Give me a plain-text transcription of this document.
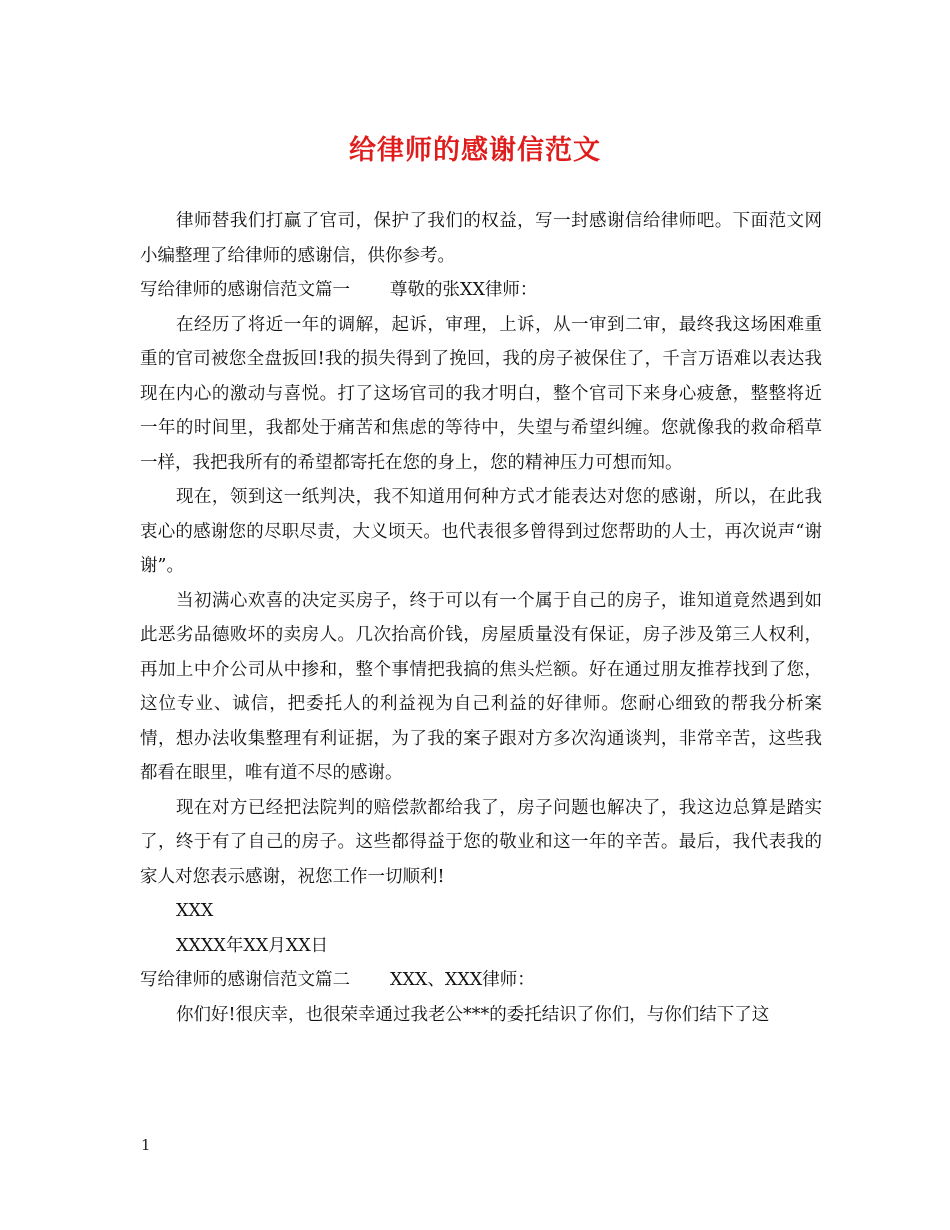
给律师的感谢信范文

律师替我们打赢了官司，保护了我们的权益，写一封感谢信给律师吧。下面范文网小编整理了给律师的感谢信，供你参考。

写给律师的感谢信范文篇一 尊敬的张XX律师：

在经历了将近一年的调解，起诉，审理，上诉，从一审到二审，最终我这场困难重重的官司被您全盘扳回!我的损失得到了挽回，我的房子被保住了，千言万语难以表达我现在内心的激动与喜悦。打了这场官司的我才明白，整个官司下来身心疲惫，整整将近一年的时间里，我都处于痛苦和焦虑的等待中，失望与希望纠缠。您就像我的救命稻草一样，我把我所有的希望都寄托在您的身上，您的精神压力可想而知。

现在，领到这一纸判决，我不知道用何种方式才能表达对您的感谢，所以，在此我衷心的感谢您的尽职尽责，大义顷天。也代表很多曾得到过您帮助的人士，再次说声“谢谢”。

当初满心欢喜的决定买房子，终于可以有一个属于自己的房子，谁知道竟然遇到如此恶劣品德败坏的卖房人。几次抬高价钱，房屋质量没有保证，房子涉及第三人权利，再加上中介公司从中掺和，整个事情把我搞的焦头烂额。好在通过朋友推荐找到了您，这位专业、诚信，把委托人的利益视为自己利益的好律师。您耐心细致的帮我分析案情，想办法收集整理有利证据，为了我的案子跟对方多次沟通谈判，非常辛苦，这些我都看在眼里，唯有道不尽的感谢。

现在对方已经把法院判的赔偿款都给我了，房子问题也解决了，我这边总算是踏实了，终于有了自己的房子。这些都得益于您的敬业和这一年的辛苦。最后，我代表我的家人对您表示感谢，祝您工作一切顺利!

XXX

XXXX年XX月XX日

写给律师的感谢信范文篇二 XXX、XXX律师：

你们好!很庆幸，也很荣幸通过我老公***的委托结识了你们，与你们结下了这

1
